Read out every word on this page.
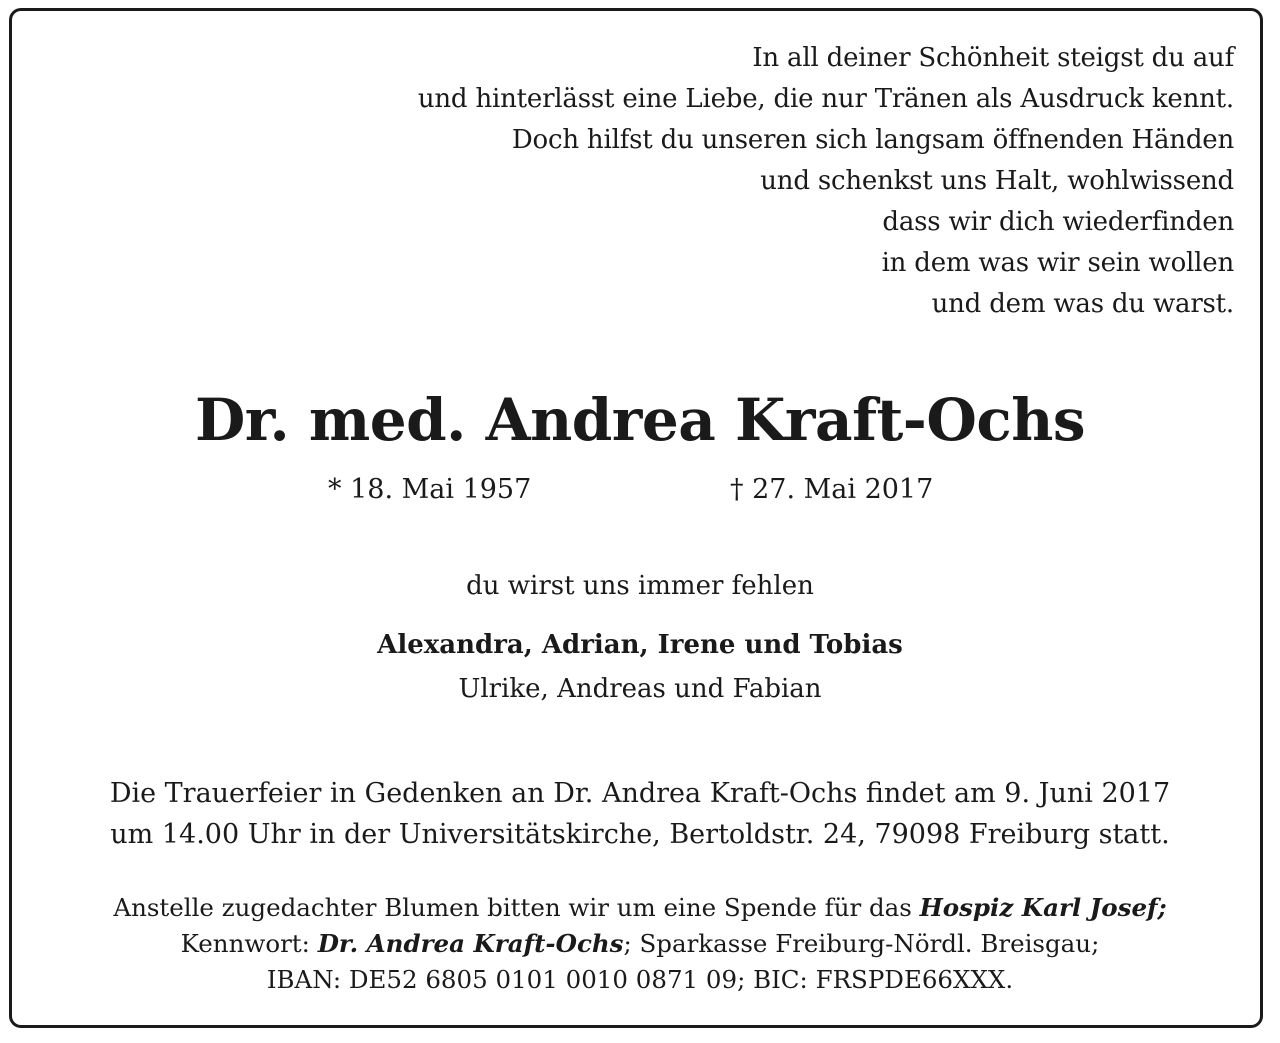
In all deiner Schönheit steigst du auf
und hinterlässt eine Liebe, die nur Tränen als Ausdruck kennt.
Doch hilfst du unseren sich langsam öffnenden Händen
und schenkst uns Halt, wohlwissend
dass wir dich wiederfinden
in dem was wir sein wollen
und dem was du warst.
Dr. med. Andrea Kraft-Ochs
* 18. Mai 1957	† 27. Mai 2017
du wirst uns immer fehlen
Alexandra, Adrian, Irene und Tobias
Ulrike, Andreas und Fabian
Die Trauerfeier in Gedenken an Dr. Andrea Kraft-Ochs findet am 9. Juni 2017
um 14.00 Uhr in der Universitätskirche, Bertoldstr. 24, 79098 Freiburg statt.
Anstelle zugedachter Blumen bitten wir um eine Spende für das Hospiz Karl Josef;
Kennwort: Dr. Andrea Kraft-Ochs; Sparkasse Freiburg-Nördl. Breisgau;
IBAN: DE52 6805 0101 0010 0871 09; BIC: FRSPDE66XXX.
